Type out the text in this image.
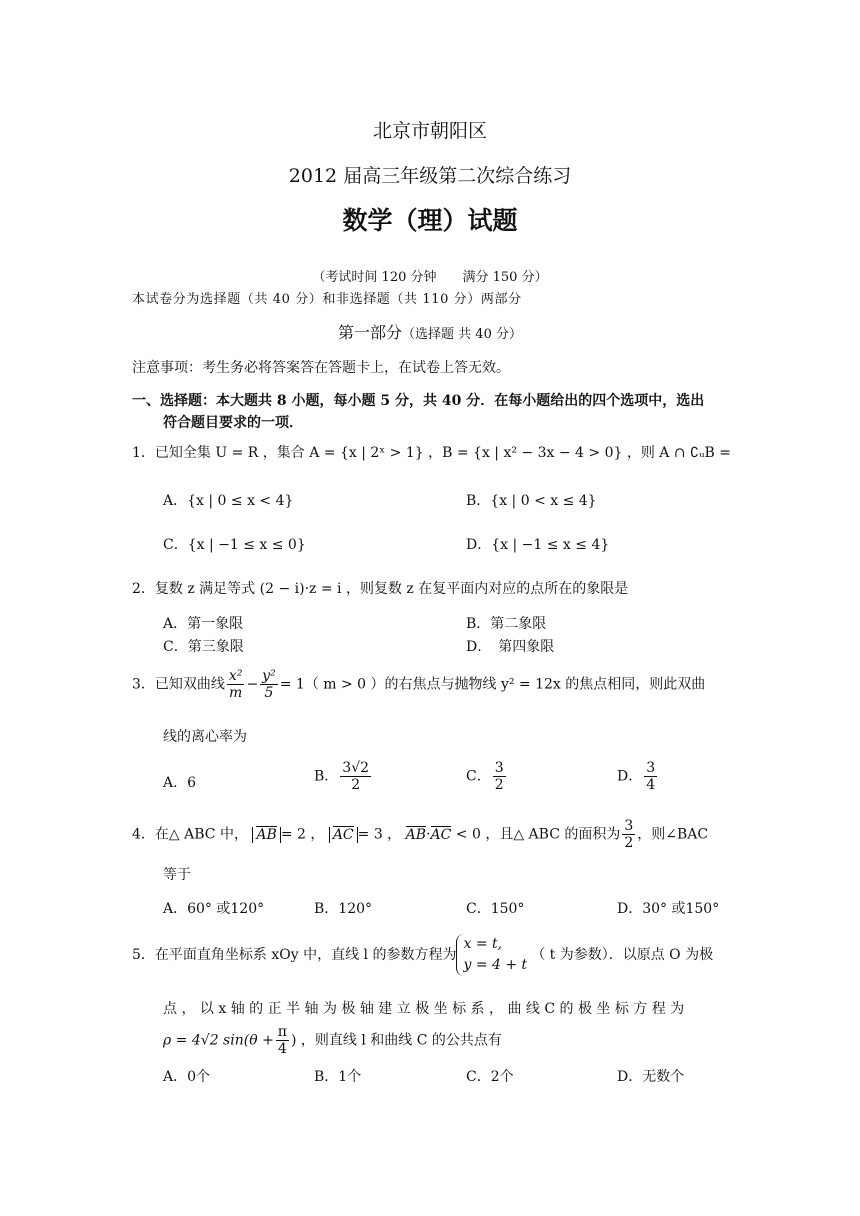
北京市朝阳区
2012 届高三年级第二次综合练习
数学（理）试题
（考试时间 120 分钟　　满分 150 分）
本试卷分为选择题（共 40 分）和非选择题（共 110 分）两部分
第一部分（选择题 共 40 分）
注意事项：考生务必将答案答在答题卡上，在试卷上答无效。
一、选择题：本大题共 8 小题，每小题 5 分，共 40 分．在每小题给出的四个选项中，选出
符合题目要求的一项．
1．已知全集 U = R ，集合 A = {x | 2ˣ > 1} ，B = {x | x² − 3x − 4 > 0} ，则 A ∩ ∁ᵤB =
A．{x | 0 ≤ x < 4}	B．{x | 0 < x ≤ 4}
C．{x | −1 ≤ x ≤ 0}	D．{x | −1 ≤ x ≤ 4}
2．复数 z 满足等式 (2 − i)·z = i ，则复数 z 在复平面内对应的点所在的象限是
A．第一象限	B．第二象限
C．第三象限	D．　第四象限
3．已知双曲线 $\frac{\text{x²}}{m} - \frac{\text{y²}}{5} = 1$（ m > 0 ）的右焦点与抛物线 y² = 12x 的焦点相同，则此双曲
线的离心率为
A．6	B． $\frac{3√2}{2}$	C． $\frac{3}{2}$	D． $\frac{3}{4}$
4．在△ ABC 中， AB = 2 ， AC = 3 ， AB·AC < 0 ，且△ ABC 的面积为 $\frac{3}{2}$ ，则∠BAC
等于
A．60° 或120°	B．120°	C．150°	D．30° 或150°
5．在平面直角坐标系 xOy 中，直线 l 的参数方程为
x = t,
y = 4 + t
（ t 为参数）．以原点 O 为极
点 ， 以 x 轴 的 正 半 轴 为 极 轴 建 立 极 坐 标 系 ， 曲 线 C 的 极 坐 标 方 程 为
ρ = 4√2 $\sin(\theta + \frac{\pi}{4}$ ) ，则直线 l 和曲线 C 的公共点有
A．0个	B．1个	C．2个	D．无数个
